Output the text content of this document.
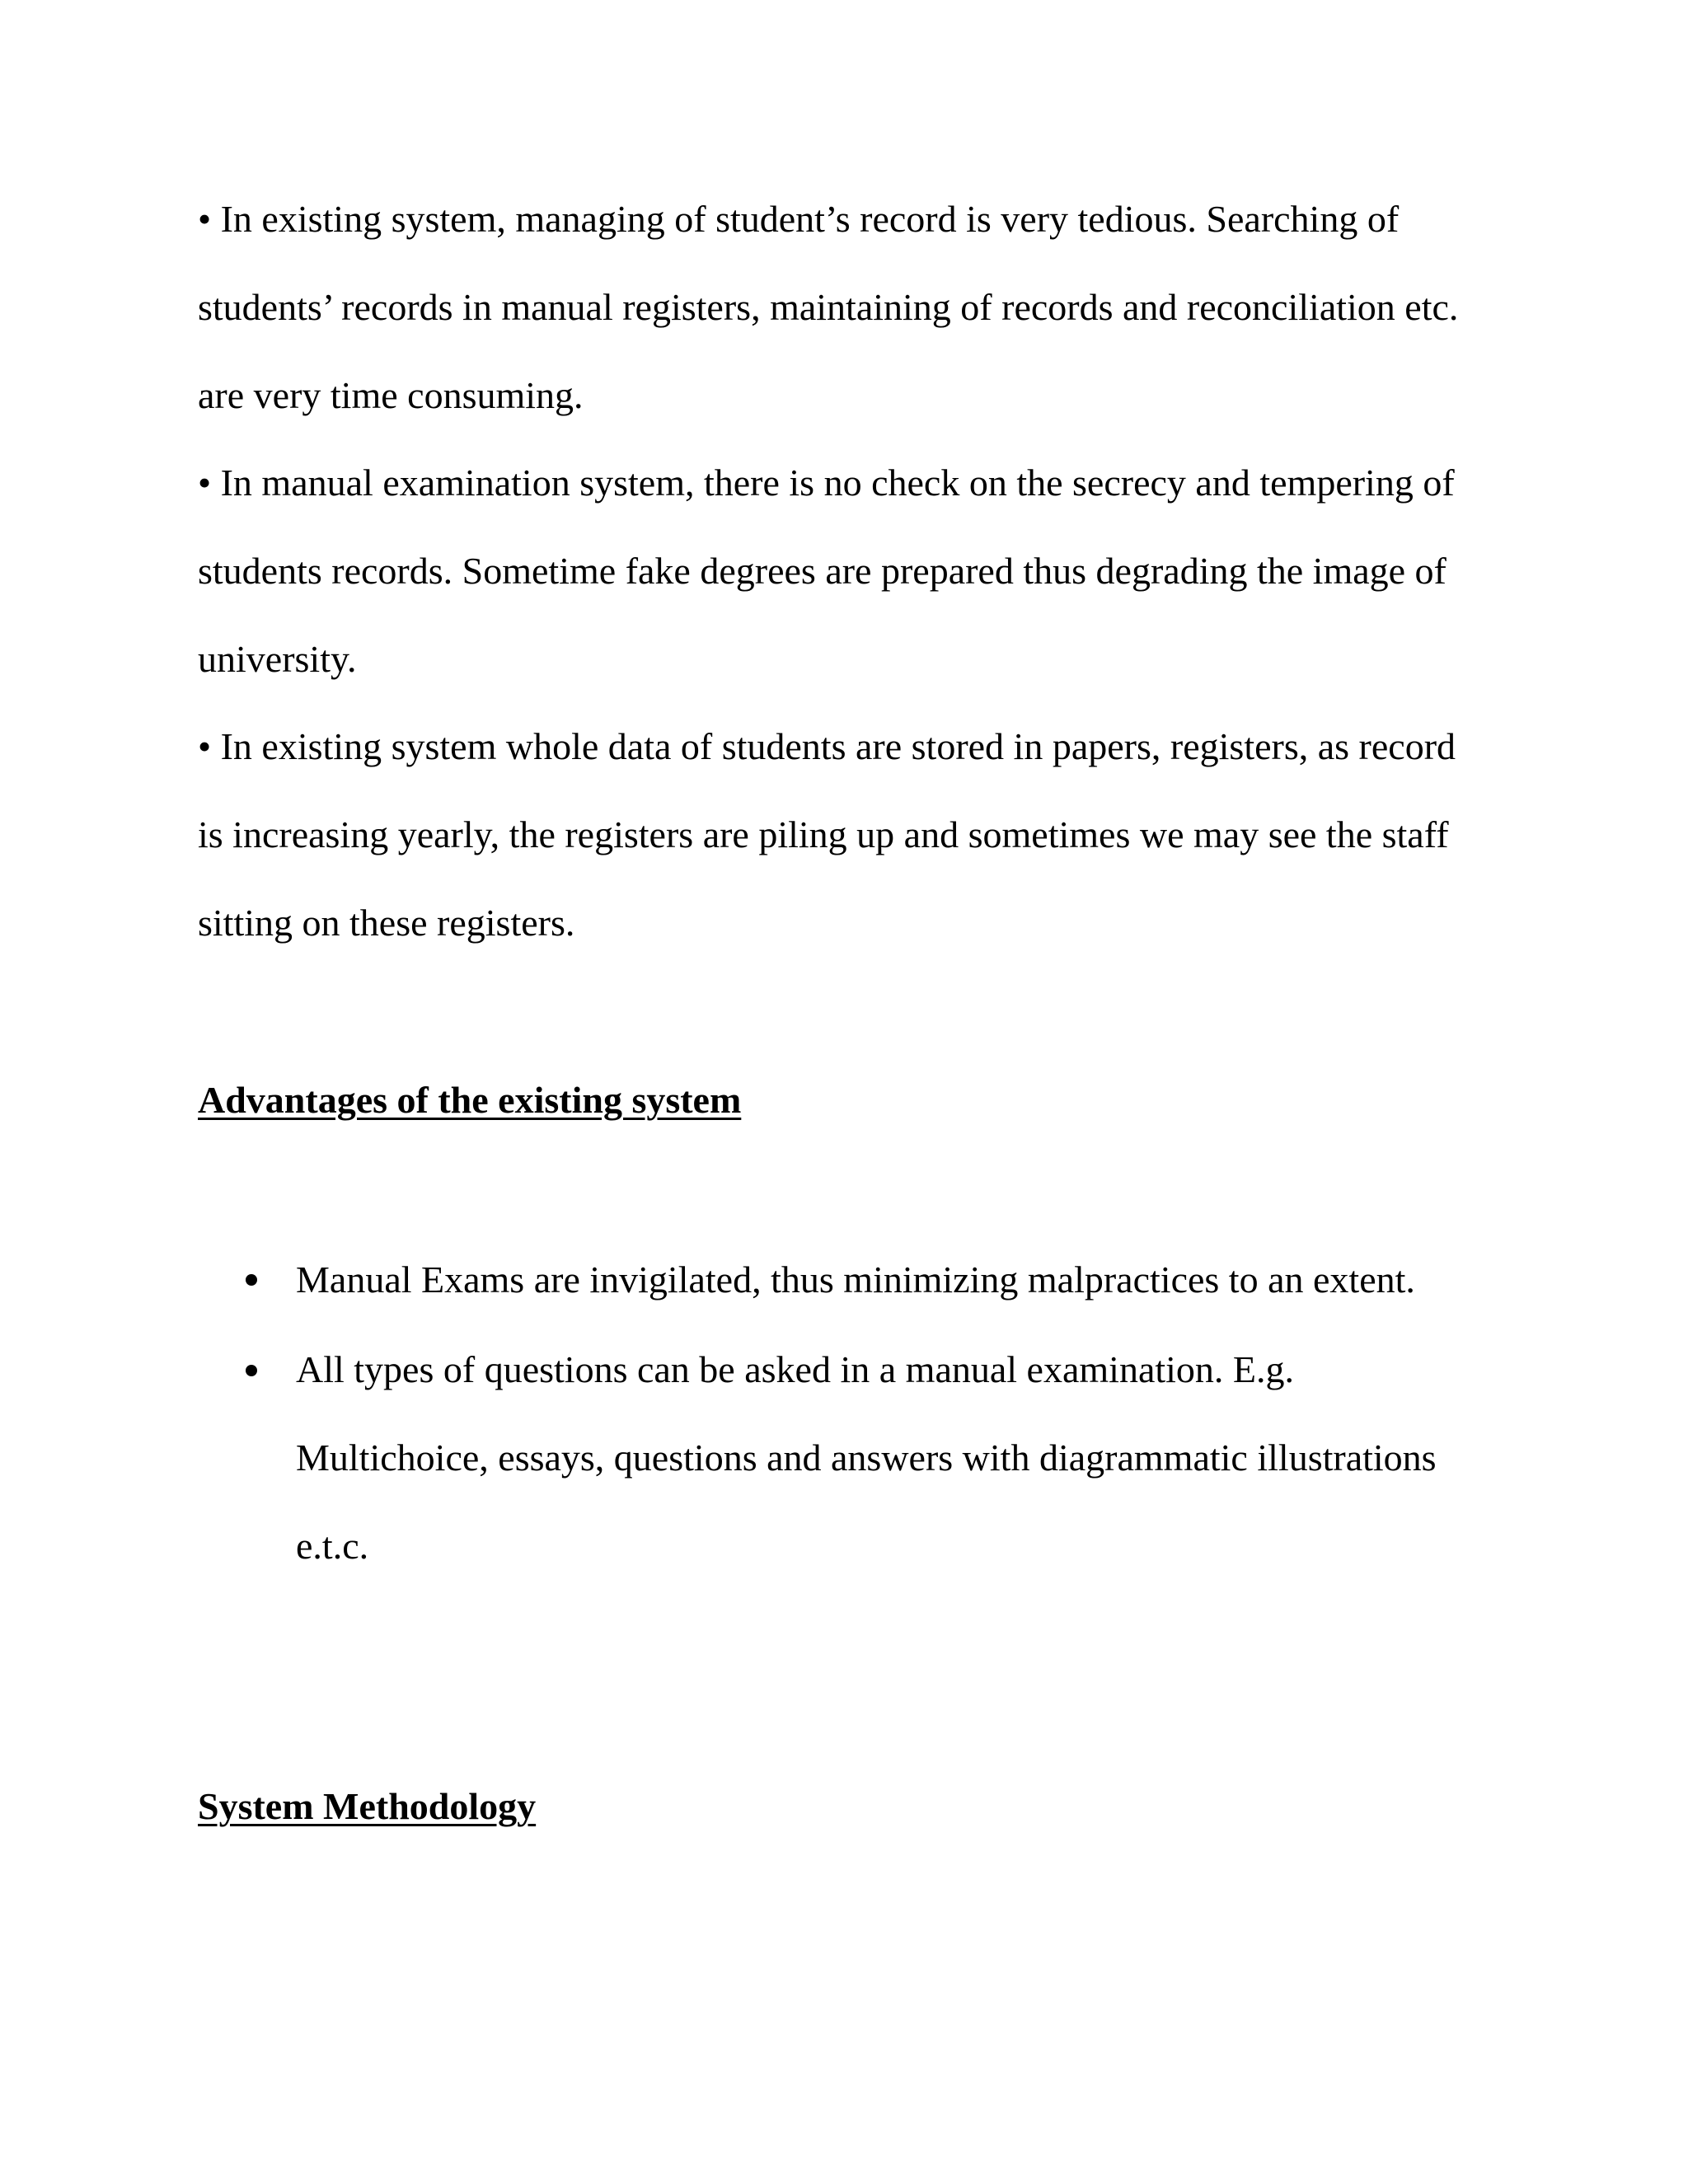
• In existing system, managing of student’s record is very tedious. Searching of
students’ records in manual registers, maintaining of records and reconciliation etc.
are very time consuming.
• In manual examination system, there is no check on the secrecy and tempering of
students records. Sometime fake degrees are prepared thus degrading the image of
university.
• In existing system whole data of students are stored in papers, registers, as record
is increasing yearly, the registers are piling up and sometimes we may see the staff
sitting on these registers.
Advantages of the existing system
Manual Exams are invigilated, thus minimizing malpractices to an extent.
All types of questions can be asked in a manual examination. E.g.
Multichoice, essays, questions and answers with diagrammatic illustrations
e.t.c.
System Methodology
